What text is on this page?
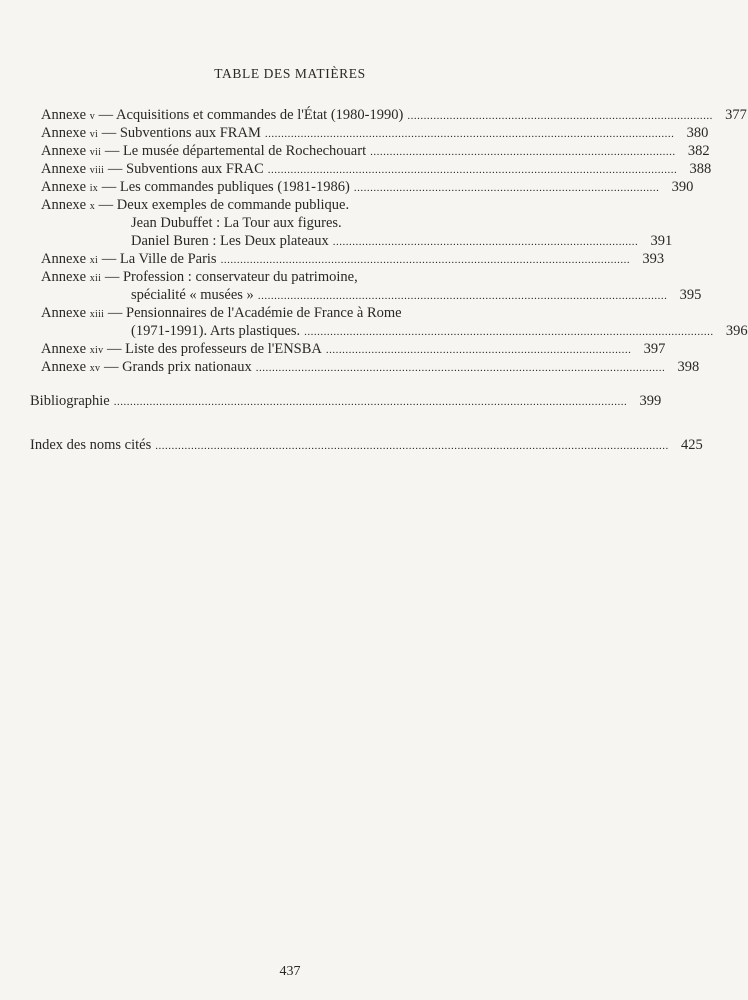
TABLE DES MATIÈRES
Annexe v — Acquisitions et commandes de l'État (1980-1990) .............................................................................................. 377
Annexe vi — Subventions aux FRAM .............................................................................................................................. 380
Annexe vii — Le musée départemental de Rochechouart .............................................................................................. 382
Annexe viii — Subventions aux FRAC .............................................................................................................................. 388
Annexe ix — Les commandes publiques (1981-1986) .............................................................................................. 390
Annexe x — Deux exemples de commande publique.
Jean Dubuffet : La Tour aux figures.
Daniel Buren : Les Deux plateaux .............................................................................................. 391
Annexe xi — La Ville de Paris .............................................................................................................................. 393
Annexe xii — Profession : conservateur du patrimoine,
spécialité « musées » .............................................................................................................................. 395
Annexe xiii — Pensionnaires de l'Académie de France à Rome
(1971-1991). Arts plastiques. .............................................................................................................................. 396
Annexe xiv — Liste des professeurs de l'ENSBA .............................................................................................. 397
Annexe xv — Grands prix nationaux .............................................................................................................................. 398
Bibliographie .............................................................................................................................................................. 399
Index des noms cités .............................................................................................................................................................. 425
437
